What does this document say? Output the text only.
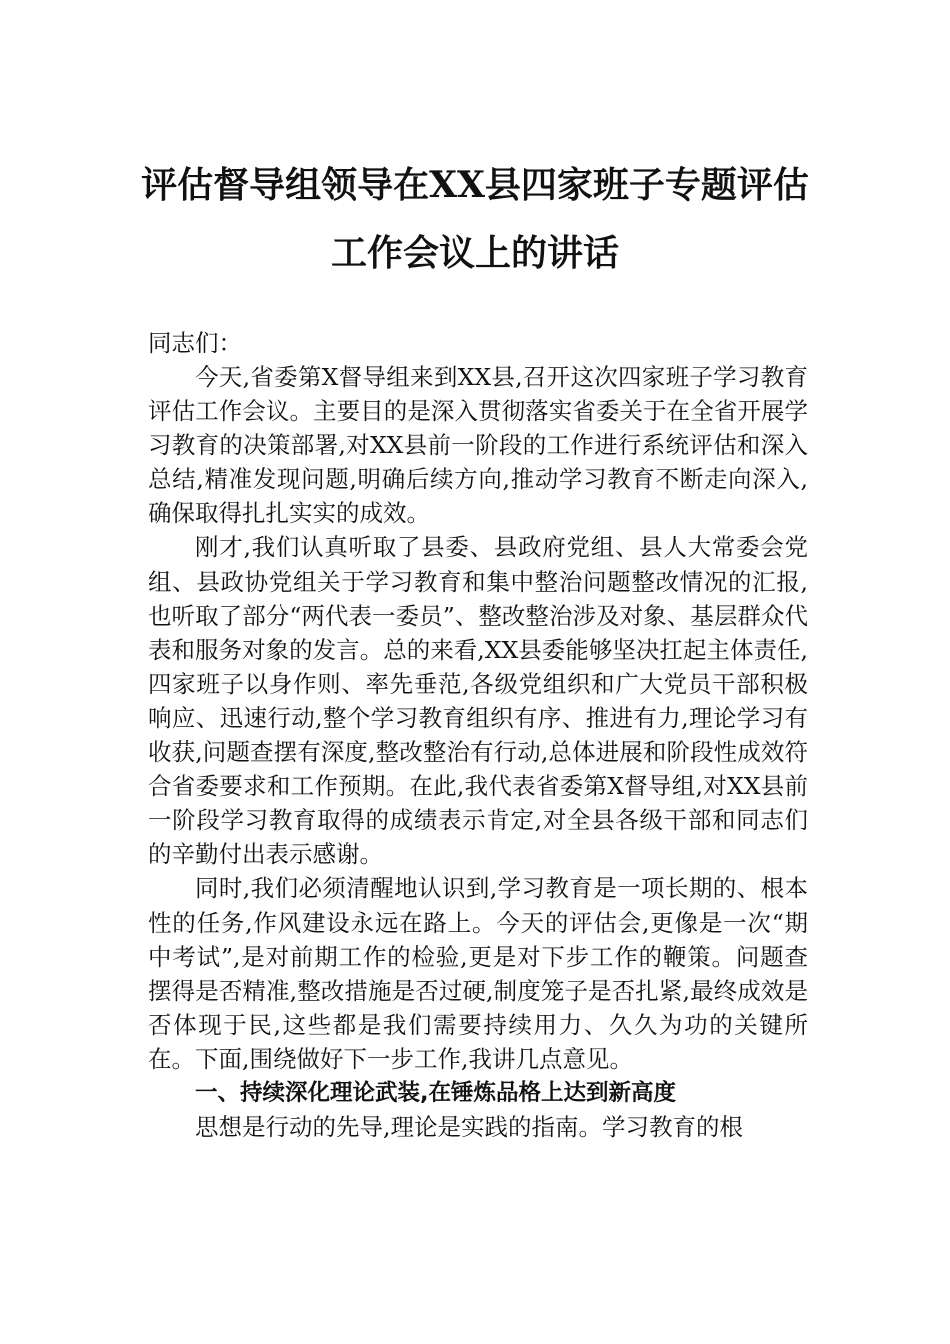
评估督导组领导在XX县四家班子专题评估
工作会议上的讲话

同志们：

今天,省委第X督导组来到XX县,召开这次四家班子学习教育评估工作会议。主要目的是深入贯彻落实省委关于在全省开展学习教育的决策部署,对XX县前一阶段的工作进行系统评估和深入总结,精准发现问题,明确后续方向,推动学习教育不断走向深入,确保取得扎扎实实的成效。

刚才,我们认真听取了县委、县政府党组、县人大常委会党组、县政协党组关于学习教育和集中整治问题整改情况的汇报,也听取了部分“两代表一委员”、整改整治涉及对象、基层群众代表和服务对象的发言。总的来看,XX县委能够坚决扛起主体责任,四家班子以身作则、率先垂范,各级党组织和广大党员干部积极响应、迅速行动,整个学习教育组织有序、推进有力,理论学习有收获,问题查摆有深度,整改整治有行动,总体进展和阶段性成效符合省委要求和工作预期。在此,我代表省委第X督导组,对XX县前一阶段学习教育取得的成绩表示肯定,对全县各级干部和同志们的辛勤付出表示感谢。

同时,我们必须清醒地认识到,学习教育是一项长期的、根本性的任务,作风建设永远在路上。今天的评估会,更像是一次“期中考试”,是对前期工作的检验,更是对下步工作的鞭策。问题查摆得是否精准,整改措施是否过硬,制度笼子是否扎紧,最终成效是否体现于民,这些都是我们需要持续用力、久久为功的关键所在。下面,围绕做好下一步工作,我讲几点意见。

一、持续深化理论武装,在锤炼品格上达到新高度

思想是行动的先导,理论是实践的指南。学习教育的根
